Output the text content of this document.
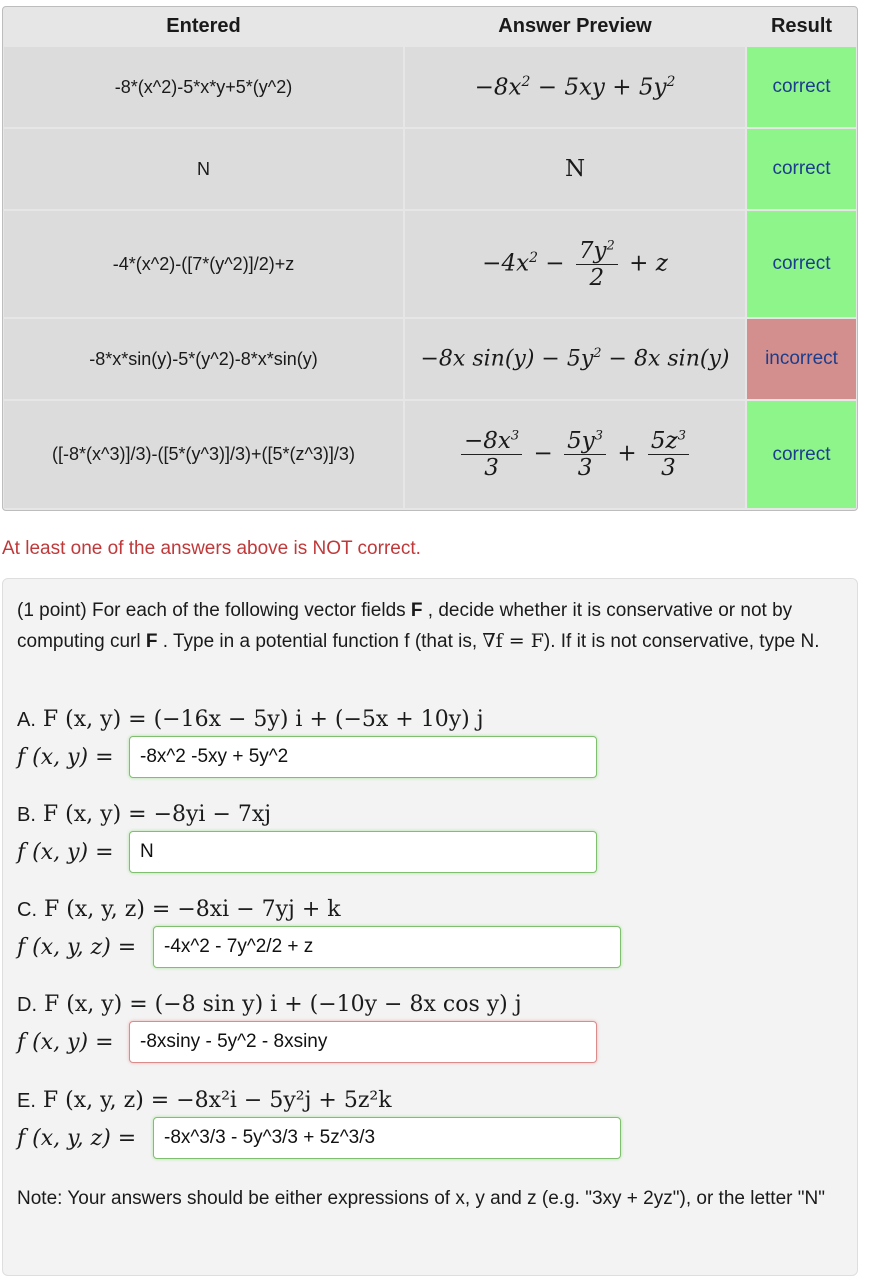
Entered	Answer Preview	Result
-8*(x^2)-5*x*y+5*(y^2)	$-8x^2 - 5xy + 5y^2$	correct
N	N	correct
-4*(x^2)-([7*(y^2)]/2)+z	$-4x^2 - \frac{7y^2}{2} + z$	correct
-8*x*sin(y)-5*(y^2)-8*x*sin(y)	−8x $\sin(y) - 5y^2 - 8x$ sin(y)	incorrect
([-8*(x^3)]/3)-([5*(y^3)]/3)+([5*(z^3)]/3)	$\frac{-8x^3}{3} - \frac{5y^3}{3} + \frac{5z^3}{3}$	correct
At least one of the answers above is NOT correct.
(1 point) For each of the following vector fields F , decide whether it is conservative or not by computing curl F . Type in a potential function f (that is, ∇f = F). If it is not conservative, type N.
A. F (x, y) = (−16x − 5y) i + (−5x + 10y) j
f (x, y) =	-8x^2 -5xy + 5y^2
B. F (x, y) = −8yi − 7xj
f (x, y) =	N
C. F (x, y, z) = −8xi − 7yj + k
f (x, y, z) =	-4x^2 - 7y^2/2 + z
D. F (x, y) = (−8 sin y) i + (−10y − 8x cos y) j
f (x, y) =	-8xsiny - 5y^2 - 8xsiny
E. F (x, y, z) = −8x²i − 5y²j + 5z²k
f (x, y, z) =	-8x^3/3 - 5y^3/3 + 5z^3/3
Note: Your answers should be either expressions of x, y and z (e.g. "3xy + 2yz"), or the letter "N"
